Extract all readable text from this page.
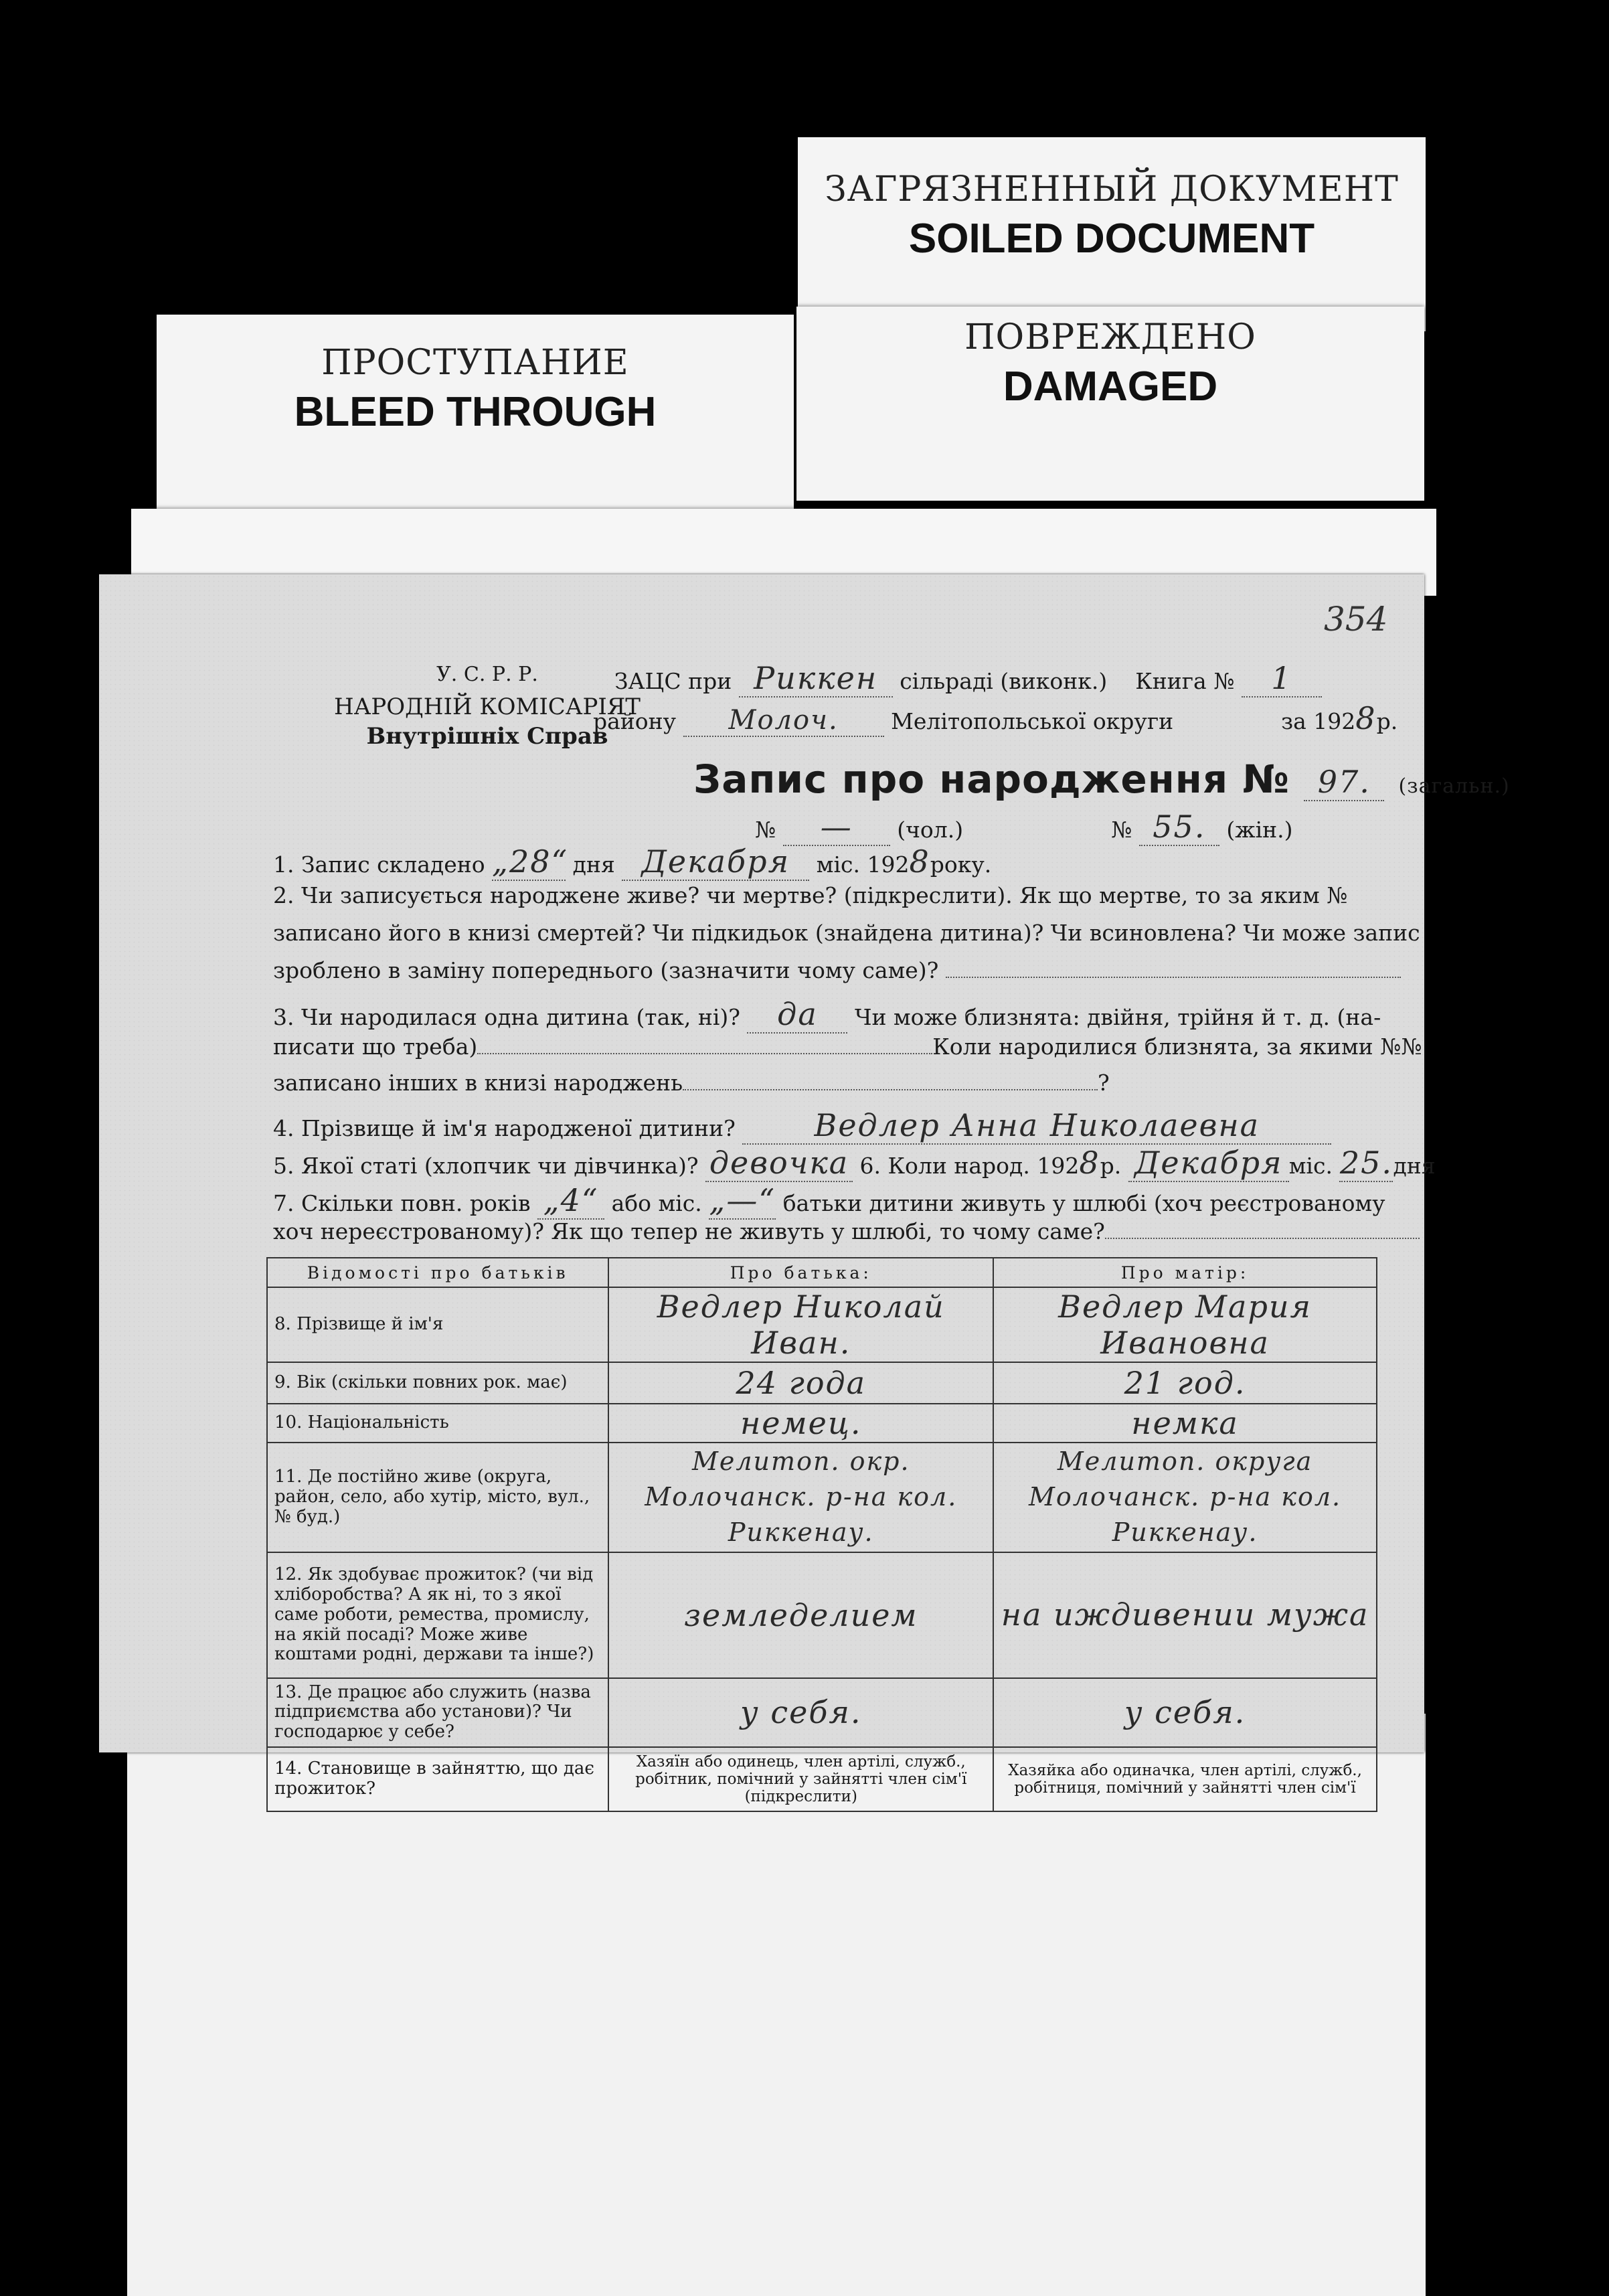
ЗАГРЯЗНЕННЫЙ ДОКУМЕНТ
SOILED DOCUMENT
ПОВРЕЖДЕНО
DAMAGED
ПРОСТУПАНИЕ
BLEED THROUGH
354
У. С. Р. Р.
НАРОДНІЙ КОМІСАРІЯТ
Внутрішніх Справ
ЗАЦС при Риккен сільраді (виконк.) Книга № 1
району Молоч. Мелітопольської округи	за 1928р.
Запис про народження № 97. (загальн.)
№ — (чол.)	№ 55. (жін.)
1. Запис складено „28“ дня Декабря міс. 1928року.
2. Чи записується народжене живе? чи мертве? (підкреслити). Як що мертве, то за яким №
записано його в книзі смертей? Чи підкидьок (знайдена дитина)? Чи всиновлена? Чи може запис
зроблено в заміну попереднього (зазначити чому саме)?
3. Чи народилася одна дитина (так, ні)? да Чи може близнята: двійня, трійня й т. д. (на-
писати що треба)	Коли народилися близнята, за якими №№
записано інших в книзі народжень	?
4. Прізвище й ім'я народженої дитини?	Ведлер Анна Николаевна
5. Якої статі (хлопчик чи дівчинка)? девочка 6. Коли народ. 1928р. Декабря міс. 25.дня
7. Скільки повн. років „4“ або міс. „—“ батьки дитини живуть у шлюбі (хоч реєстрованому
хоч нереєстрованому)? Як що тепер не живуть у шлюбі, то чому саме?
Відомості про батьків	Про батька:	Про матір:
8. Прізвище й ім'я	Ведлер Николай Иван.	Ведлер Мария Ивановна
9. Вік (скільки повних рок. має)	24 года	21 год.
10. Національність	немец.	немка
11. Де постійно живе (округа, район, село, або хутір, місто, вул., № буд.)	Мелитоп. окр. Молочанск. р-на кол. Риккенау.	Мелитоп. округа Молочанск. р-на кол. Риккенау.
12. Як здобуває прожиток? (чи від хліборобства? А як ні, то з якої саме роботи, ремества, промислу, на якій посаді? Може живе коштами родні, держави та інше?)	земледелием	на иждивении мужа
13. Де працює або служить (назва підприємства або установи)? Чи господарює у себе?	у себя.	у себя.
14. Становище в зайняттю, що дає прожиток?	Хазяїн або одинець, член артілі, служб., робітник, помічний у зайнятті член сім'ї (підкреслити)	Хазяйка або одиначка, член артілі, служб., робітниця, помічний у зайнятті член сім'ї
